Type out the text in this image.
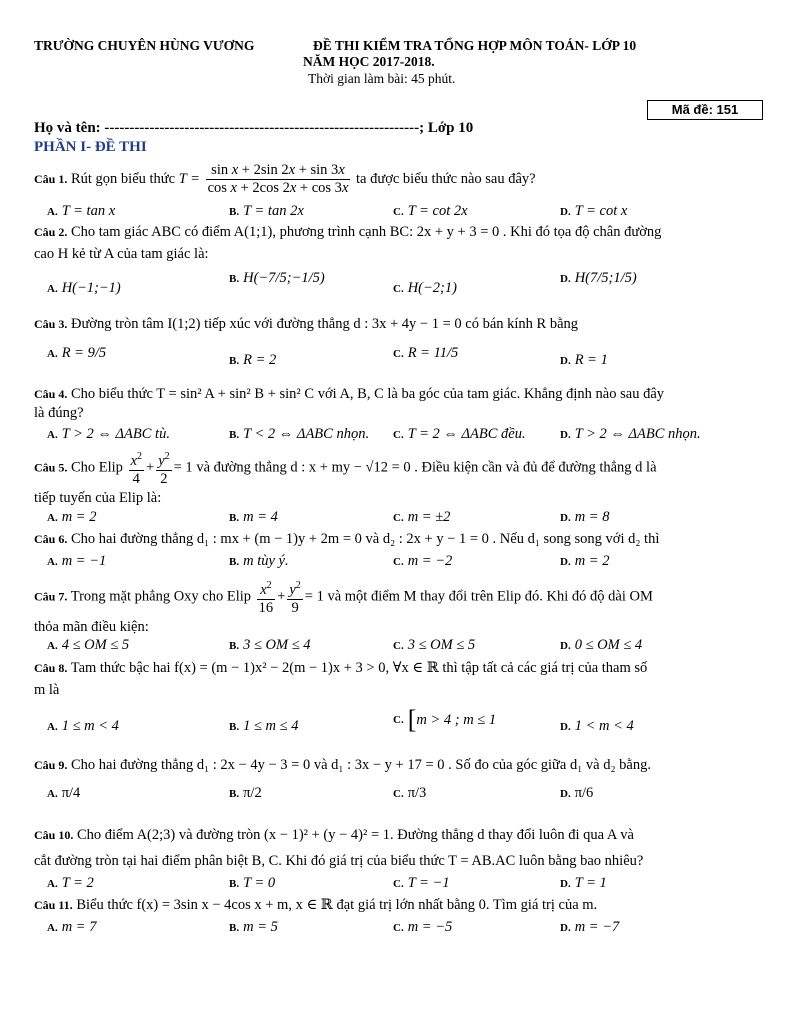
TRƯỜNG CHUYÊN HÙNG VƯƠNG	ĐỀ THI KIỂM TRA TỔNG HỢP MÔN TOÁN- LỚP 10
NĂM HỌC 2017-2018.
Thời gian làm bài: 45 phút.
Mã đề: 151
Họ và tên: ---------------------------------------------------------------; Lớp 10
PHẦN I- ĐỀ THI
Câu 1. Rút gọn biểu thức $T = \frac{\text{sin x + 2sin 2x + sin 3x}}{\text{cos x + 2cos 2x + cos 3x}}$ ta được biểu thức nào sau đây?
A. T = tan x	B. T = tan 2x	C. T = cot 2x	D. T = cot x
Câu 2. Cho tam giác ABC có điểm A(1;1), phương trình cạnh BC: 2x + y + 3 = 0 . Khi đó tọa độ chân đường
cao H kẻ từ A của tam giác là:
A. H(−1;−1)
B. H(−7/5;−1/5)
C. H(−2;1)
D. H(7/5;1/5)
Câu 3. Đường tròn tâm I(1;2) tiếp xúc với đường thẳng d : 3x + 4y − 1 = 0 có bán kính R bằng
A. R = 9/5	B. R = 2	C. R = 11/5	D. R = 1
Câu 4. Cho biểu thức T = sin² A + sin² B + sin² C với A, B, C là ba góc của tam giác. Khẳng định nào sau đây
là đúng?
A. T > 2 ⇔ ΔABC tù.	B. T < 2 ⇔ ΔABC nhọn. C. T = 2 ⇔ ΔABC đều.	D. T > 2 ⇔ ΔABC nhọn.
Câu 5. Cho Elip $\frac{x^2}{4} + \frac{y^2}{2} = 1$ và đường thẳng d : x + my − √12 = 0 . Điều kiện cần và đủ để đường thẳng d là
tiếp tuyến của Elip là:
A. m = 2	B. m = 4	C. m = ±2	D. m = 8
Câu 6. Cho hai đường thẳng d₁ : mx + (m − 1)y + 2m = 0 và d₂ : 2x + y − 1 = 0 . Nếu d₁ song song với d₂ thì
A. m = −1	B. m tùy ý.	C. m = −2	D. m = 2
Câu 7. Trong mặt phẳng Oxy cho Elip $\frac{x^2}{16} + \frac{y^2}{9} = 1$ và một điểm M thay đổi trên Elip đó. Khi đó độ dài OM
thỏa mãn điều kiện:
A. 4 ≤ OM ≤ 5	B. 3 ≤ OM ≤ 4	C. 3 ≤ OM ≤ 5	D. 0 ≤ OM ≤ 4
Câu 8. Tam thức bậc hai f(x) = (m − 1)x² − 2(m − 1)x + 3 > 0, ∀x ∈ ℝ thì tập tất cả các giá trị của tham số
m là
A. 1 ≤ m < 4	B. 1 ≤ m ≤ 4	C. [m > 4 ; m ≤ 1	D. 1 < m < 4
Câu 9. Cho hai đường thẳng d₁ : 2x − 4y − 3 = 0 và d₁ : 3x − y + 17 = 0 . Số đo của góc giữa d₁ và d₂ bằng.
A. π/4	B. π/2	C. π/3	D. π/6
Câu 10. Cho điểm A(2;3) và đường tròn (x − 1)² + (y − 4)² = 1. Đường thẳng d thay đổi luôn đi qua A và
cắt đường tròn tại hai điểm phân biệt B, C. Khi đó giá trị của biểu thức T = AB.AC luôn bằng bao nhiêu?
A. T = 2	B. T = 0	C. T = −1	D. T = 1
Câu 11. Biểu thức f(x) = 3sin x − 4cos x + m, x ∈ ℝ đạt giá trị lớn nhất bằng 0. Tìm giá trị của m.
A. m = 7	B. m = 5	C. m = −5	D. m = −7
